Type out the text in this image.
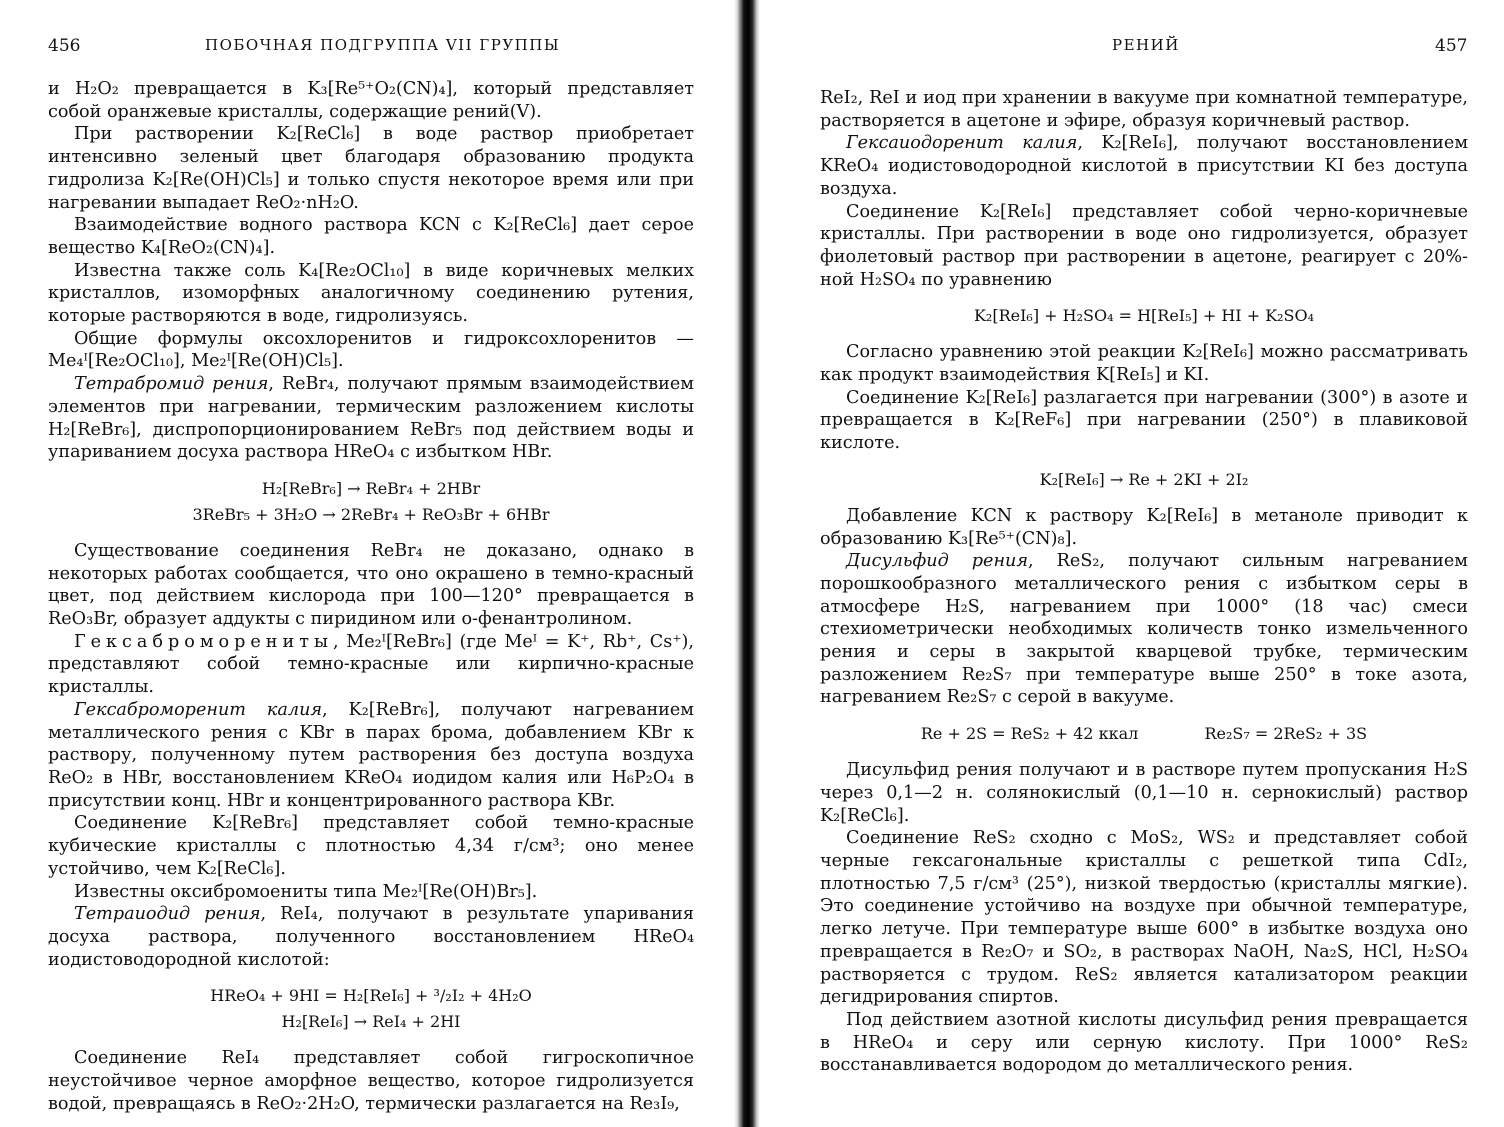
456	ПОБОЧНАЯ ПОДГРУППА VII ГРУППЫ

и H₂O₂ превращается в K₃[Re⁵⁺O₂(CN)₄], который представляет собой оранжевые кристаллы, содержащие рений(V).

При растворении K₂[ReCl₆] в воде раствор приобретает интенсивно зеленый цвет благодаря образованию продукта гидролиза K₂[Re(OH)Cl₅] и только спустя некоторое время или при нагревании выпадает ReO₂·nH₂O.

Взаимодействие водного раствора KCN с K₂[ReCl₆] дает серое вещество K₄[ReO₂(CN)₄].

Известна также соль K₄[Re₂OCl₁₀] в виде коричневых мелких кристаллов, изоморфных аналогичному соединению рутения, которые растворяются в воде, гидролизуясь.

Общие формулы оксохлоренитов и гидроксохлоренитов — Me₄ᴵ[Re₂OCl₁₀], Me₂ᴵ[Re(OH)Cl₅].

Тетрабромид рения, ReBr₄, получают прямым взаимодействием элементов при нагревании, термическим разложением кислоты H₂[ReBr₆], диспропорционированием ReBr₅ под действием воды и упариванием досуха раствора HReO₄ с избытком HBr.

H₂[ReBr₆] → ReBr₄ + 2HBr

3ReBr₅ + 3H₂O → 2ReBr₄ + ReO₃Br + 6HBr

Существование соединения ReBr₄ не доказано, однако в некоторых работах сообщается, что оно окрашено в темно-красный цвет, под действием кислорода при 100—120° превращается в ReO₃Br, образует аддукты с пиридином или о-фенантролином.

Гексабромоpениты, Me₂ᴵ[ReBr₆] (где Meᴵ = K⁺, Rb⁺, Cs⁺), представляют собой темно-красные или кирпично-красные кристаллы.

Гексабромоpенит калия, K₂[ReBr₆], получают нагреванием металлического рения с KBr в парах брома, добавлением KBr к раствору, полученному путем растворения без доступа воздуха ReO₂ в HBr, восстановлением KReO₄ иодидом калия или H₆P₂O₄ в присутствии конц. HBr и концентрированного раствора KBr.

Соединение K₂[ReBr₆] представляет собой темно-красные кубические кристаллы с плотностью 4,34 г/см³; оно менее устойчиво, чем K₂[ReCl₆].

Известны оксибромоениты типа Me₂ᴵ[Re(OH)Br₅].

Тетраиодид рения, ReI₄, получают в результате упаривания досуха раствора, полученного восстановлением HReO₄ иодистоводородной кислотой:

HReO₄ + 9HI = H₂[ReI₆] + ³/₂I₂ + 4H₂O

H₂[ReI₆] → ReI₄ + 2HI

Соединение ReI₄ представляет собой гигроскопичное неустойчивое черное аморфное вещество, которое гидролизуется водой, превращаясь в ReO₂·2H₂O, термически разлагается на Re₃I₉,

РЕНИЙ	457

ReI₂, ReI и иод при хранении в вакууме при комнатной температуре, растворяется в ацетоне и эфире, образуя коричневый раствор.

Гексаиодоренит калия, K₂[ReI₆], получают восстановлением KReO₄ иодистоводородной кислотой в присутствии KI без доступа воздуха.

Соединение K₂[ReI₆] представляет собой черно-коричневые кристаллы. При растворении в воде оно гидролизуется, образует фиолетовый раствор при растворении в ацетоне, реагирует с 20%-ной H₂SO₄ по уравнению

K₂[ReI₆] + H₂SO₄ = H[ReI₅] + HI + K₂SO₄

Согласно уравнению этой реакции K₂[ReI₆] можно рассматривать как продукт взаимодействия K[ReI₅] и KI.

Соединение K₂[ReI₆] разлагается при нагревании (300°) в азоте и превращается в K₂[ReF₆] при нагревании (250°) в плавиковой кислоте.

K₂[ReI₆] → Re + 2KI + 2I₂

Добавление KCN к раствору K₂[ReI₆] в метаноле приводит к образованию K₃[Re⁵⁺(CN)₈].

Дисульфид рения, ReS₂, получают сильным нагреванием порошкообразного металлического рения с избытком серы в атмосфере H₂S, нагреванием при 1000° (18 час) смеси стехиометрически необходимых количеств тонко измельченного рения и серы в закрытой кварцевой трубке, термическим разложением Re₂S₇ при температуре выше 250° в токе азота, нагреванием Re₂S₇ с серой в вакууме.

Re + 2S = ReS₂ + 42 ккал	Re₂S₇ = 2ReS₂ + 3S

Дисульфид рения получают и в растворе путем пропускания H₂S через 0,1—2 н. солянокислый (0,1—10 н. сернокислый) раствор K₂[ReCl₆].

Соединение ReS₂ сходно с MoS₂, WS₂ и представляет собой черные гексагональные кристаллы с решеткой типа CdI₂, плотностью 7,5 г/см³ (25°), низкой твердостью (кристаллы мягкие). Это соединение устойчиво на воздухе при обычной температуре, легко летуче. При температуре выше 600° в избытке воздуха оно превращается в Re₂O₇ и SO₂, в растворах NaOH, Na₂S, HCl, H₂SO₄ растворяется с трудом. ReS₂ является катализатором реакции дегидрирования спиртов.

Под действием азотной кислоты дисульфид рения превращается в HReO₄ и серу или серную кислоту. При 1000° ReS₂ восстанавливается водородом до металлического рения.
